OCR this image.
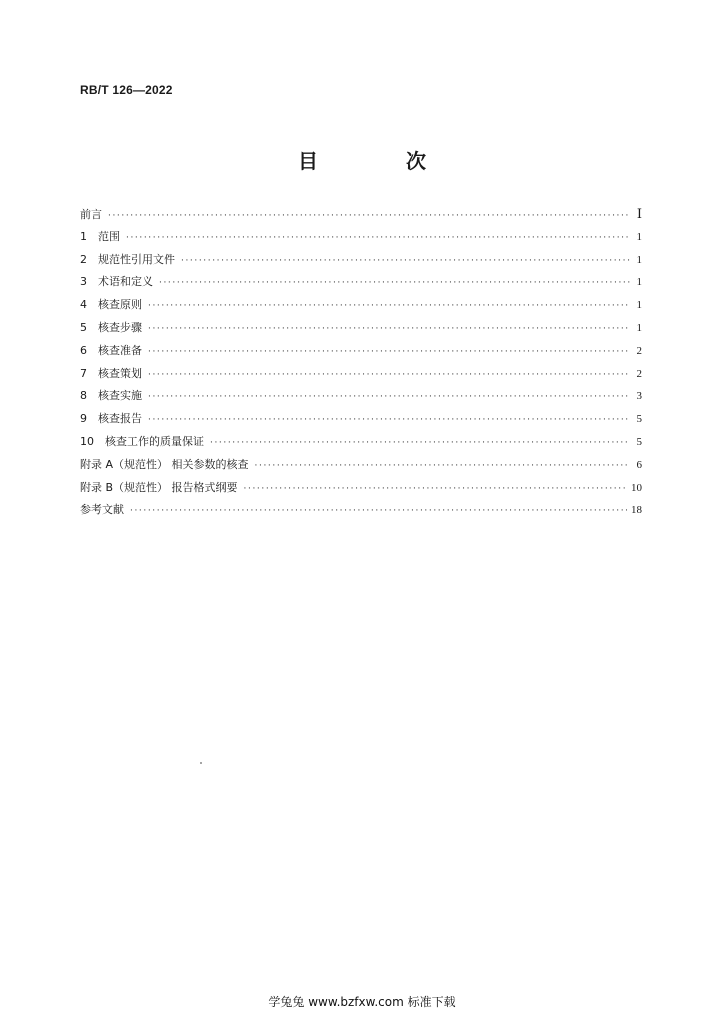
RB/T 126—2022
目　次
前言 ·····	Ⅰ
1	范围 ·····	1
2	规范性引用文件 ·····	1
3	术语和定义 ·····	1
4	核查原则 ·····	1
5	核查步骤 ·····	1
6	核查准备 ·····	2
7	核查策划 ·····	2
8	核查实施 ·····	3
9	核查报告 ·····	5
10	核查工作的质量保证 ·····	5
附录 A（规范性） 相关参数的核查 ·····	6
附录 B（规范性） 报告格式纲要 ·····	10
参考文献 ·····	18
学兔兔 www.bzfxw.com 标准下载
